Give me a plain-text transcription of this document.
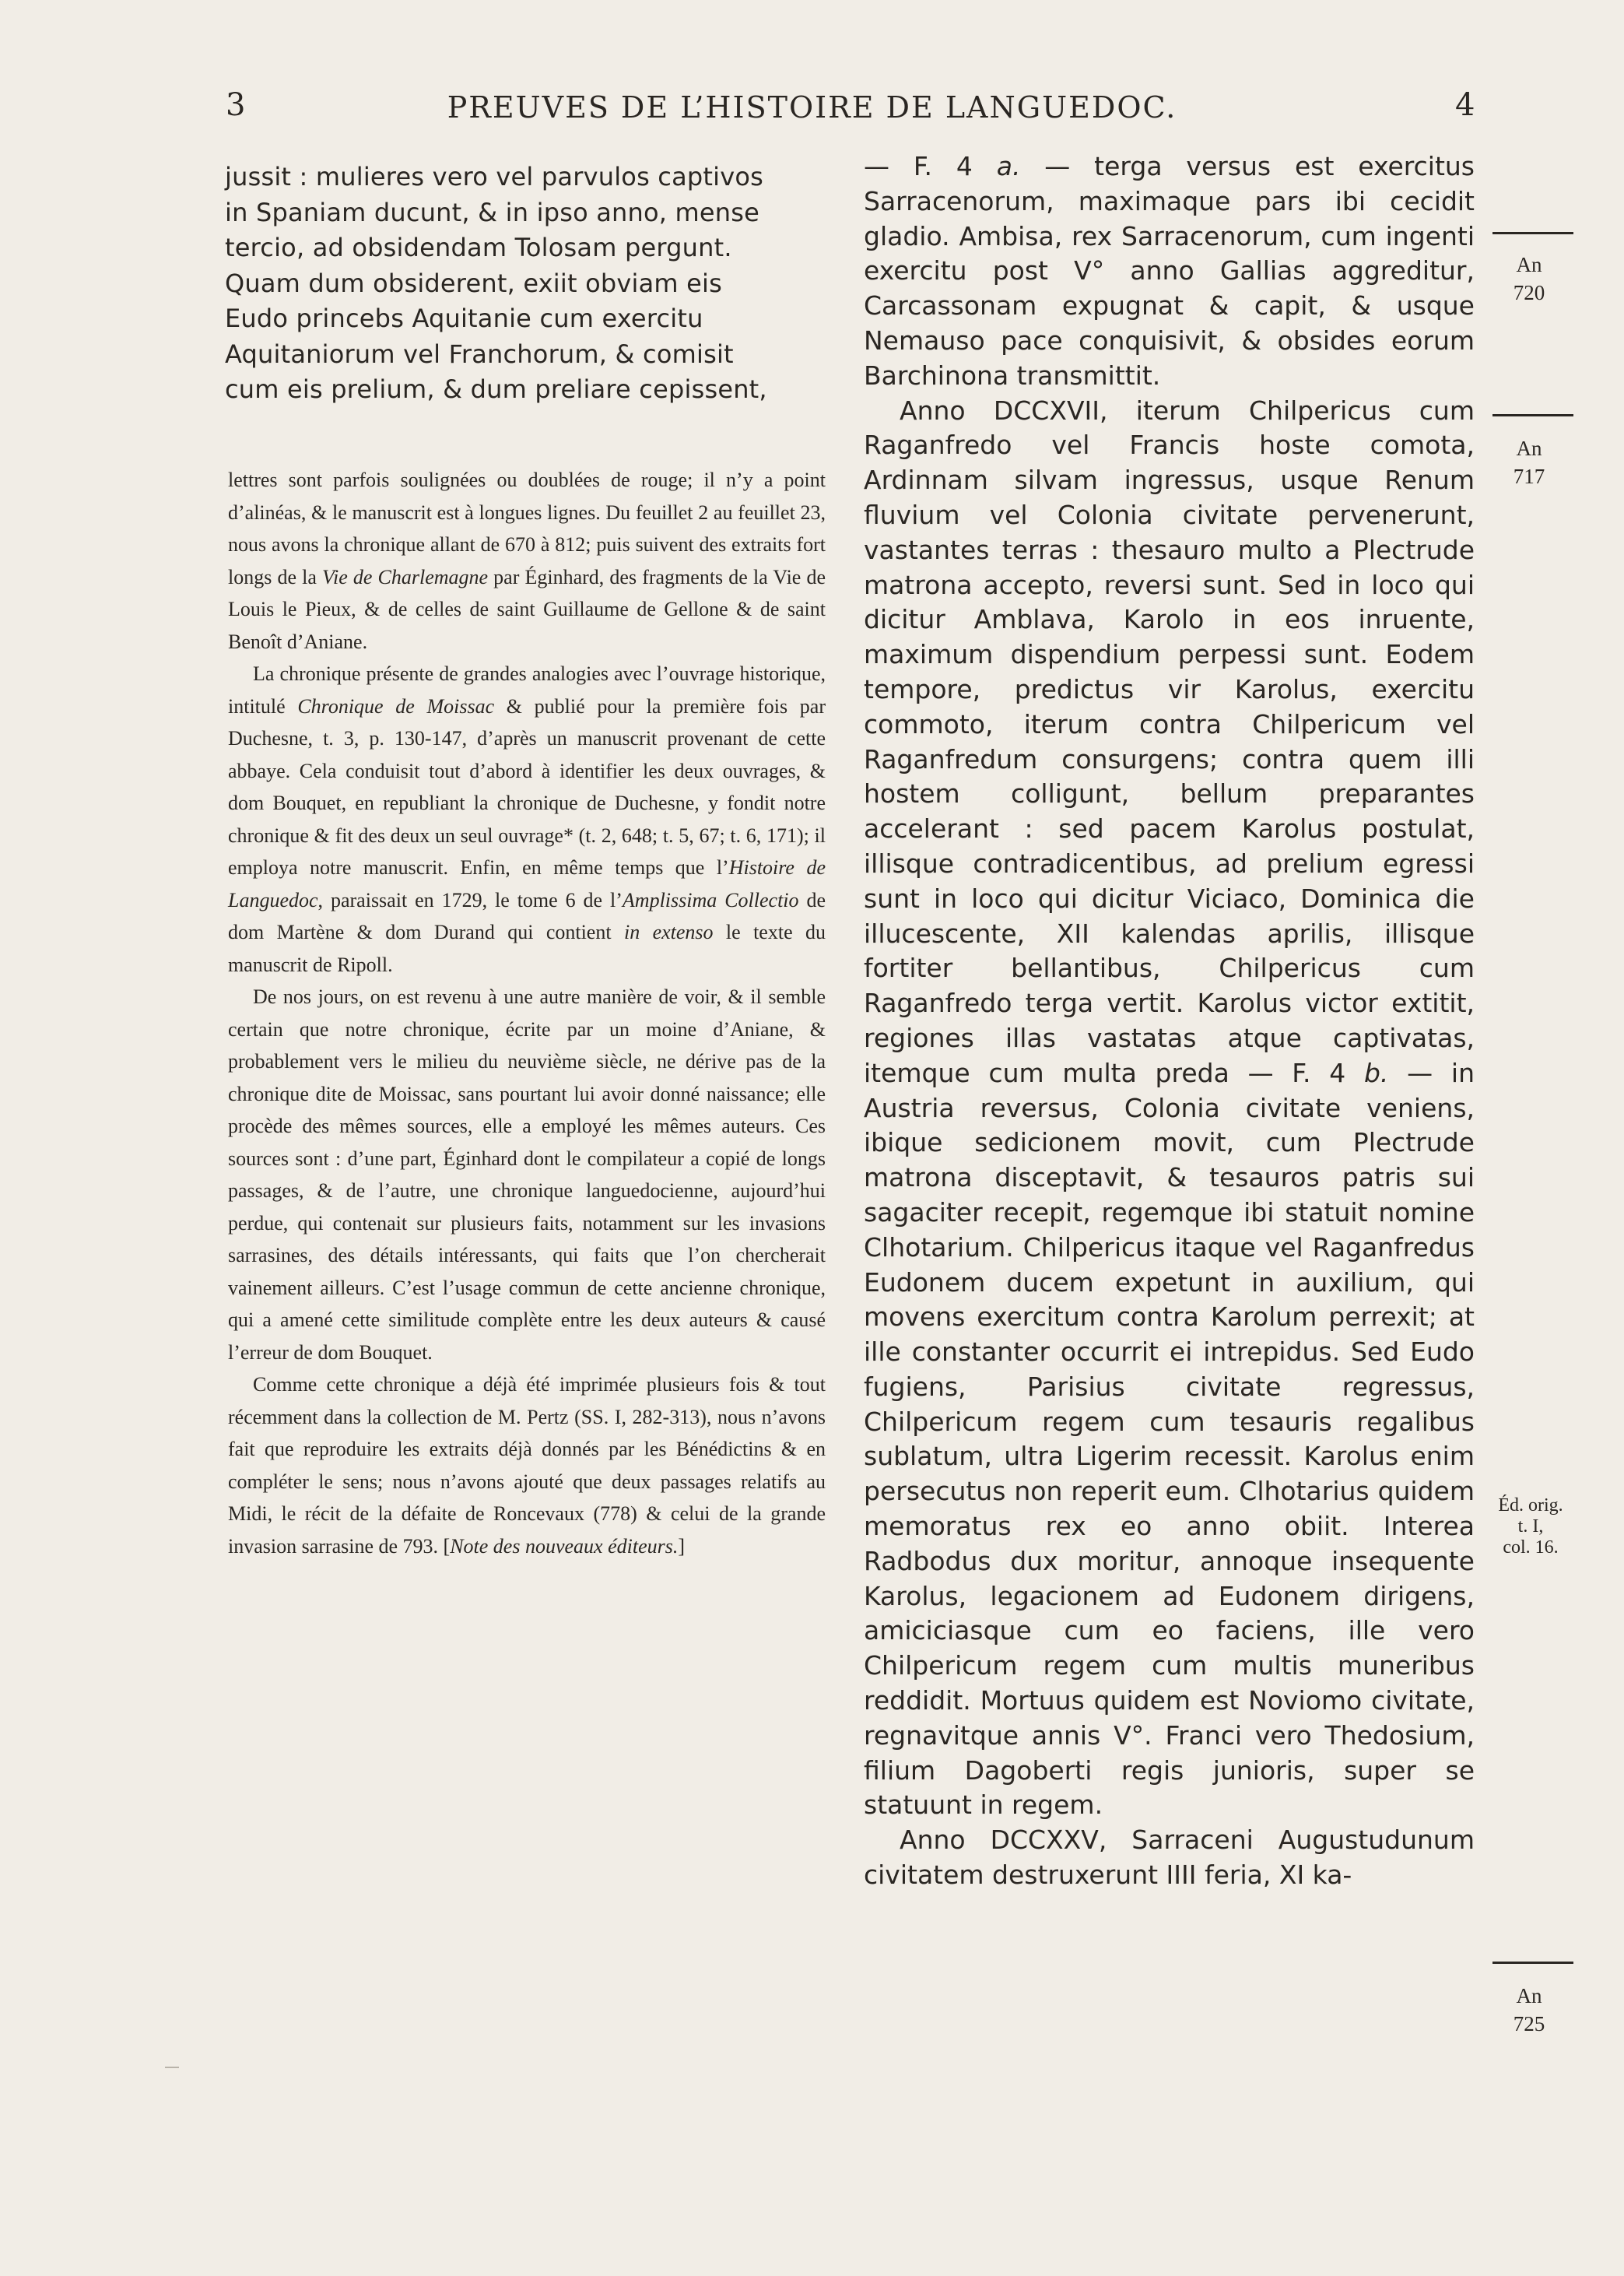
3	PREUVES DE L’HISTOIRE DE LANGUEDOC.	4

jussit : mulieres vero vel parvulos captivos

in Spaniam ducunt, & in ipso anno, mense

tercio, ad obsidendam Tolosam pergunt.

Quam dum obsiderent, exiit obviam eis

Eudo princebs Aquitanie cum exercitu

Aquitaniorum vel Franchorum, & comisit

cum eis prelium, & dum preliare cepissent,

lettres sont parfois soulignées ou doublées de rouge; il n’y a point d’alinéas, & le manuscrit est à longues lignes. Du feuillet 2 au feuillet 23, nous avons la chronique allant de 670 à 812; puis suivent des extraits fort longs de la Vie de Charlemagne par Éginhard, des fragments de la Vie de Louis le Pieux, & de celles de saint Guillaume de Gellone & de saint Benoît d’Aniane.

La chronique présente de grandes analogies avec l’ouvrage historique, intitulé Chronique de Moissac & publié pour la première fois par Duchesne, t. 3, p. 130-147, d’après un manuscrit provenant de cette abbaye. Cela conduisit tout d’abord à identifier les deux ouvrages, & dom Bouquet, en republiant la chronique de Duchesne, y fondit notre chronique & fit des deux un seul ouvrage* (t. 2, 648; t. 5, 67; t. 6, 171); il employa notre manuscrit. Enfin, en même temps que l’Histoire de Languedoc, paraissait en 1729, le tome 6 de l’Amplissima Collectio de dom Martène & dom Durand qui contient in extenso le texte du manuscrit de Ripoll.

De nos jours, on est revenu à une autre manière de voir, & il semble certain que notre chronique, écrite par un moine d’Aniane, & probablement vers le milieu du neuvième siècle, ne dérive pas de la chronique dite de Moissac, sans pourtant lui avoir donné naissance; elle procède des mêmes sources, elle a employé les mêmes auteurs. Ces sources sont : d’une part, Éginhard dont le compilateur a copié de longs passages, & de l’autre, une chronique languedocienne, aujourd’hui perdue, qui contenait sur plusieurs faits, notamment sur les invasions sarrasines, des détails intéressants, qui faits que l’on chercherait vainement ailleurs. C’est l’usage commun de cette ancienne chronique, qui a amené cette similitude complète entre les deux auteurs & causé l’erreur de dom Bouquet.

Comme cette chronique a déjà été imprimée plusieurs fois & tout récemment dans la collection de M. Pertz (SS. I, 282-313), nous n’avons fait que reproduire les extraits déjà donnés par les Bénédictins & en compléter le sens; nous n’avons ajouté que deux passages relatifs au Midi, le récit de la défaite de Roncevaux (778) & celui de la grande invasion sarrasine de 793. [Note des nouveaux éditeurs.]

— F. 4 a. — terga versus est exercitus Sarracenorum, maximaque pars ibi cecidit gladio. Ambisa, rex Sarracenorum, cum ingenti exercitu post V° anno Gallias aggreditur, Carcassonam expugnat & capit, & usque Nemauso pace conquisivit, & obsides eorum Barchinona transmittit.

Anno DCCXVII, iterum Chilpericus cum Raganfredo vel Francis hoste comota, Ardinnam silvam ingressus, usque Renum fluvium vel Colonia civitate pervenerunt, vastantes terras : thesauro multo a Plectrude matrona accepto, reversi sunt. Sed in loco qui dicitur Amblava, Karolo in eos inruente, maximum dispendium perpessi sunt. Eodem tempore, predictus vir Karolus, exercitu commoto, iterum contra Chilpericum vel Raganfredum consurgens; contra quem illi hostem colligunt, bellum preparantes accelerant : sed pacem Karolus postulat, illisque contradicentibus, ad prelium egressi sunt in loco qui dicitur Viciaco, Dominica die illucescente, XII kalendas aprilis, illisque fortiter bellantibus, Chilpericus cum Raganfredo terga vertit. Karolus victor extitit, regiones illas vastatas atque captivatas, itemque cum multa preda — F. 4 b. — in Austria reversus, Colonia civitate veniens, ibique sedicionem movit, cum Plectrude matrona disceptavit, & tesauros patris sui sagaciter recepit, regemque ibi statuit nomine Clhotarium. Chilpericus itaque vel Raganfredus Eudonem ducem expetunt in auxilium, qui movens exercitum contra Karolum perrexit; at ille constanter occurrit ei intrepidus. Sed Eudo fugiens, Parisius civitate regressus, Chilpericum regem cum tesauris regalibus sublatum, ultra Ligerim recessit. Karolus enim persecutus non reperit eum. Clhotarius quidem memoratus rex eo anno obiit. Interea Radbodus dux moritur, annoque insequente Karolus, legacionem ad Eudonem dirigens, amiciciasque cum eo faciens, ille vero Chilpericum regem cum multis muneribus reddidit. Mortuus quidem est Noviomo civitate, regnavitque annis V°. Franci vero Thedosium, filium Dagoberti regis junioris, super se statuunt in regem.

Anno DCCXXV, Sarraceni Augustudunum civitatem destruxerunt IIII feria, XI ka-

An
720
An
717
Éd. orig.
t. I,
col. 16.
An
725
